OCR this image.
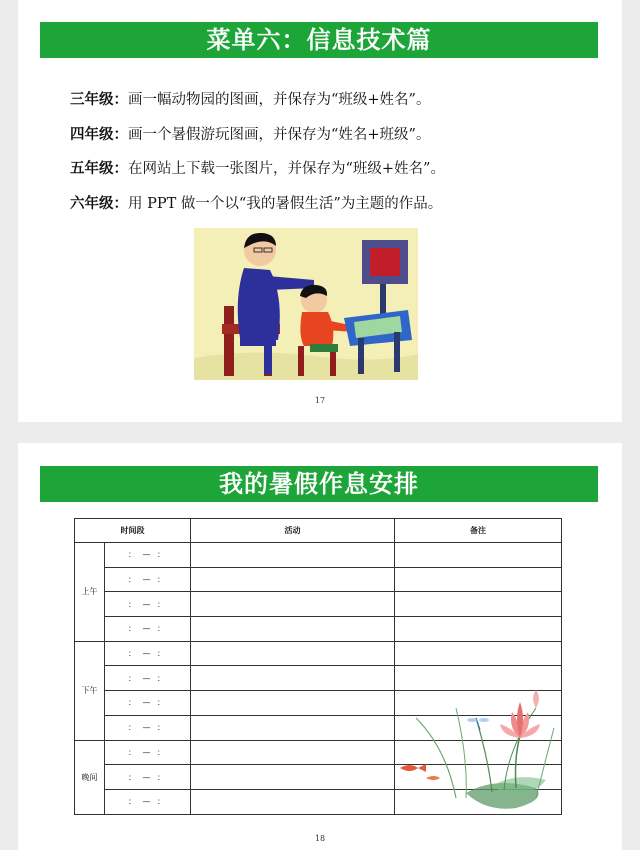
菜单六：信息技术篇
三年级：画一幅动物园的图画，并保存为“班级+姓名”。
四年级：画一个暑假游玩图画，并保存为“姓名+班级”。
五年级：在网站上下载一张图片，并保存为“班级+姓名”。
六年级：用 PPT 做一个以“我的暑假生活”为主题的作品。
17
我的暑假作息安排
时间段		活动	备注
上午	： — ：		
	： — ：		
	： — ：		
	： — ：		
下午	： — ：		
	： — ：		
	： — ：		
	： — ：		
晚间	： — ：		
	： — ：		
	： — ：		
18
